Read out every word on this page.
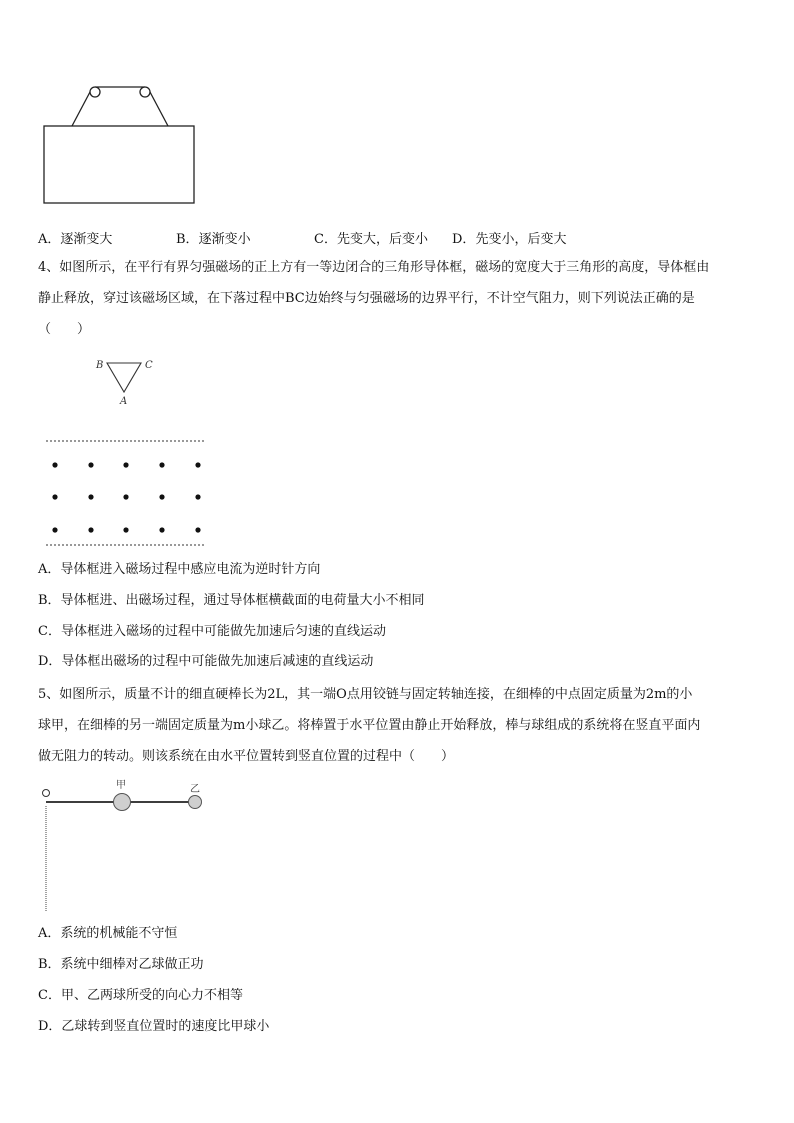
A．逐渐变大	B．逐渐变小	C．先变大，后变小 D．先变小，后变大
4、如图所示，在平行有界匀强磁场的正上方有一等边闭合的三角形导体框，磁场的宽度大于三角形的高度，导体框由
静止释放，穿过该磁场区域，在下落过程中BC边始终与匀强磁场的边界平行，不计空气阻力，则下列说法正确的是
（　　）
B	C
A
A．导体框进入磁场过程中感应电流为逆时针方向
B．导体框进、出磁场过程，通过导体框横截面的电荷量大小不相同
C．导体框进入磁场的过程中可能做先加速后匀速的直线运动
D．导体框出磁场的过程中可能做先加速后减速的直线运动
5、如图所示，质量不计的细直硬棒长为2L，其一端O点用铰链与固定转轴连接，在细棒的中点固定质量为2m的小
球甲，在细棒的另一端固定质量为m小球乙。将棒置于水平位置由静止开始释放，棒与球组成的系统将在竖直平面内
做无阻力的转动。则该系统在由水平位置转到竖直位置的过程中（　　）
甲	乙
A．系统的机械能不守恒
B．系统中细棒对乙球做正功
C．甲、乙两球所受的向心力不相等
D．乙球转到竖直位置时的速度比甲球小
